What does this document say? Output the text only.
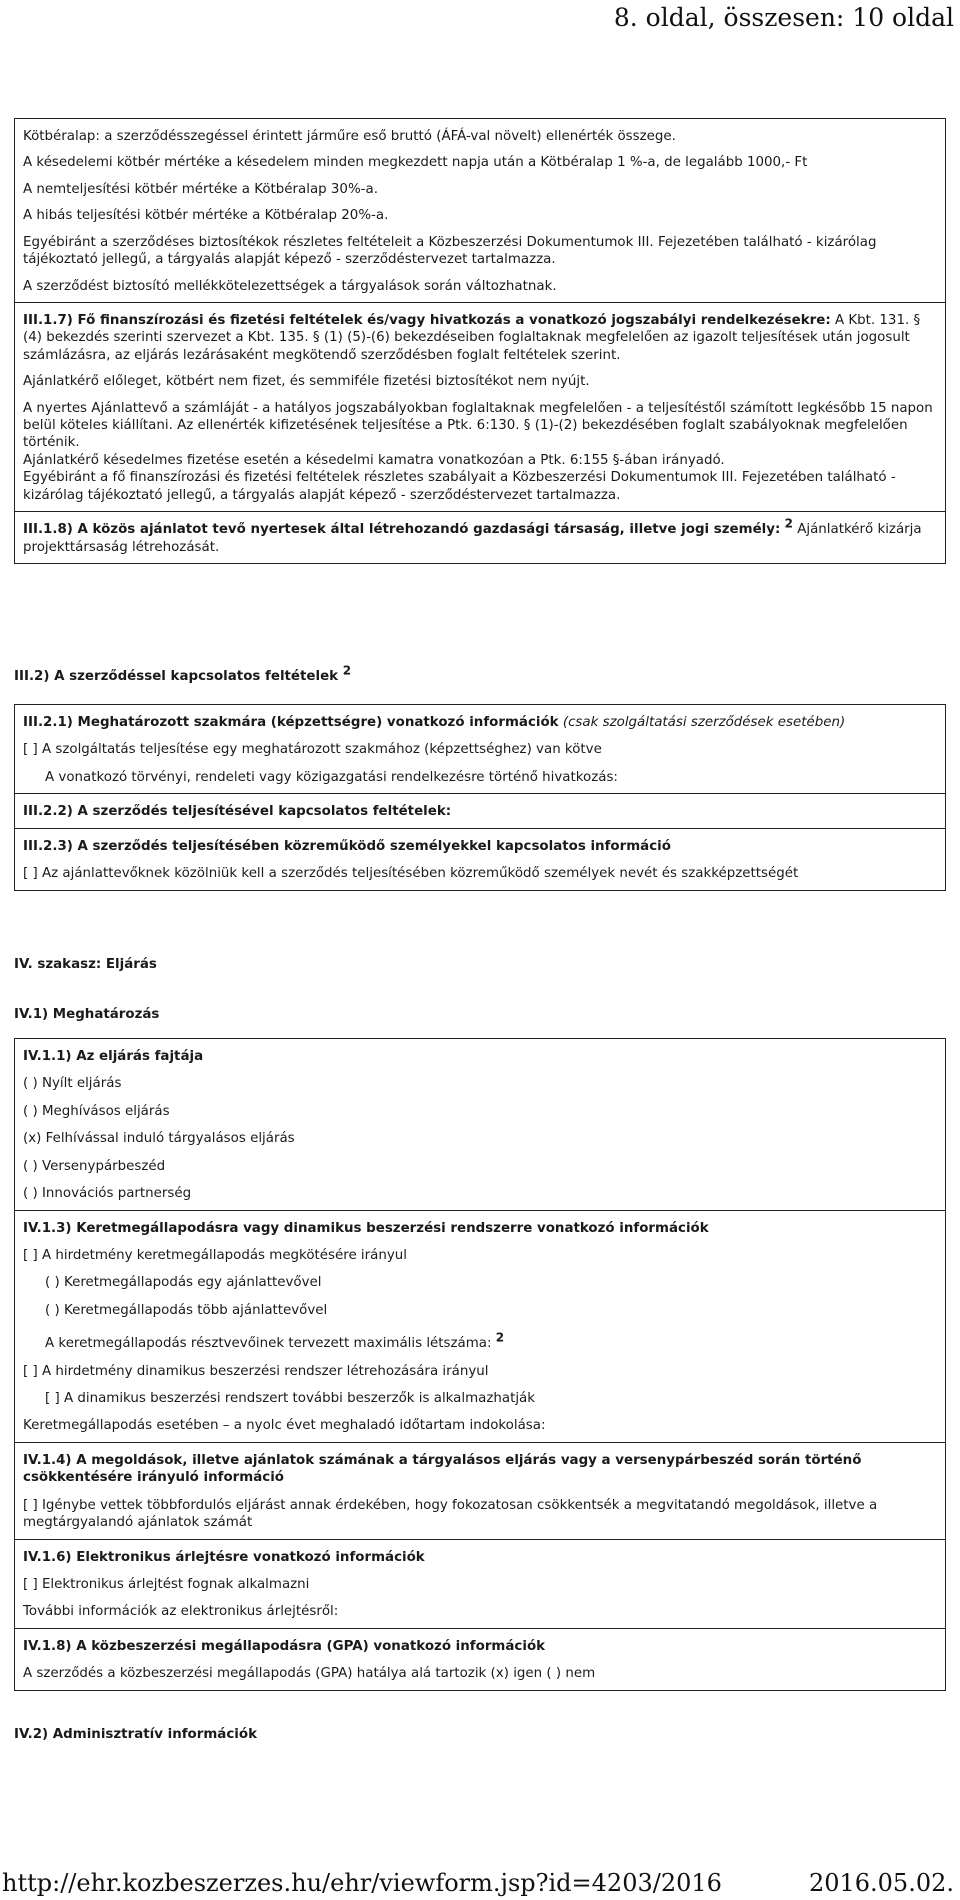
8. oldal, összesen: 10 oldal
Kötbéralap: a szerződésszegéssel érintett járműre eső bruttó (ÁFÁ-val növelt) ellenérték összege.
A késedelemi kötbér mértéke a késedelem minden megkezdett napja után a Kötbéralap 1 %-a, de legalább 1000,- Ft
A nemteljesítési kötbér mértéke a Kötbéralap 30%-a.
A hibás teljesítési kötbér mértéke a Kötbéralap 20%-a.
Egyébiránt a szerződéses biztosítékok részletes feltételeit a Közbeszerzési Dokumentumok III. Fejezetében található - kizárólag tájékoztató jellegű, a tárgyalás alapját képező - szerződéstervezet tartalmazza.
A szerződést biztosító mellékkötelezettségek a tárgyalások során változhatnak.
III.1.7) Fő finanszírozási és fizetési feltételek és/vagy hivatkozás a vonatkozó jogszabályi rendelkezésekre: A Kbt. 131. § (4) bekezdés szerinti szervezet a Kbt. 135. § (1) (5)-(6) bekezdéseiben foglaltaknak megfelelően az igazolt teljesítések után jogosult számlázásra, az eljárás lezárásaként megkötendő szerződésben foglalt feltételek szerint.
Ajánlatkérő előleget, kötbért nem fizet, és semmiféle fizetési biztosítékot nem nyújt.
A nyertes Ajánlattevő a számláját - a hatályos jogszabályokban foglaltaknak megfelelően - a teljesítéstől számított legkésőbb 15 napon belül köteles kiállítani. Az ellenérték kifizetésének teljesítése a Ptk. 6:130. § (1)-(2) bekezdésében foglalt szabályoknak megfelelően történik.
Ajánlatkérő késedelmes fizetése esetén a késedelmi kamatra vonatkozóan a Ptk. 6:155 §-ában irányadó.
Egyébiránt a fő finanszírozási és fizetési feltételek részletes szabályait a Közbeszerzési Dokumentumok III. Fejezetében található - kizárólag tájékoztató jellegű, a tárgyalás alapját képező - szerződéstervezet tartalmazza.
III.1.8) A közös ajánlatot tevő nyertesek által létrehozandó gazdasági társaság, illetve jogi személy: 2 Ajánlatkérő kizárja projekttársaság létrehozását.
III.2) A szerződéssel kapcsolatos feltételek 2
III.2.1) Meghatározott szakmára (képzettségre) vonatkozó információk (csak szolgáltatási szerződések esetében)
[ ] A szolgáltatás teljesítése egy meghatározott szakmához (képzettséghez) van kötve
A vonatkozó törvényi, rendeleti vagy közigazgatási rendelkezésre történő hivatkozás:
III.2.2) A szerződés teljesítésével kapcsolatos feltételek:
III.2.3) A szerződés teljesítésében közreműködő személyekkel kapcsolatos információ
[ ] Az ajánlattevőknek közölniük kell a szerződés teljesítésében közreműködő személyek nevét és szakképzettségét
IV. szakasz: Eljárás
IV.1) Meghatározás
IV.1.1) Az eljárás fajtája
( ) Nyílt eljárás
( ) Meghívásos eljárás
(x) Felhívással induló tárgyalásos eljárás
( ) Versenypárbeszéd
( ) Innovációs partnerség
IV.1.3) Keretmegállapodásra vagy dinamikus beszerzési rendszerre vonatkozó információk
[ ] A hirdetmény keretmegállapodás megkötésére irányul
( ) Keretmegállapodás egy ajánlattevővel
( ) Keretmegállapodás több ajánlattevővel
A keretmegállapodás résztvevőinek tervezett maximális létszáma: 2
[ ] A hirdetmény dinamikus beszerzési rendszer létrehozására irányul
[ ] A dinamikus beszerzési rendszert további beszerzők is alkalmazhatják
Keretmegállapodás esetében – a nyolc évet meghaladó időtartam indokolása:
IV.1.4) A megoldások, illetve ajánlatok számának a tárgyalásos eljárás vagy a versenypárbeszéd során történő csökkentésére irányuló információ
[ ] Igénybe vettek többfordulós eljárást annak érdekében, hogy fokozatosan csökkentsék a megvitatandó megoldások, illetve a megtárgyalandó ajánlatok számát
IV.1.6) Elektronikus árlejtésre vonatkozó információk
[ ] Elektronikus árlejtést fognak alkalmazni
További információk az elektronikus árlejtésről:
IV.1.8) A közbeszerzési megállapodásra (GPA) vonatkozó információk
A szerződés a közbeszerzési megállapodás (GPA) hatálya alá tartozik (x) igen ( ) nem
IV.2) Adminisztratív információk
http://ehr.kozbeszerzes.hu/ehr/viewform.jsp?id=4203/2016	2016.05.02.
